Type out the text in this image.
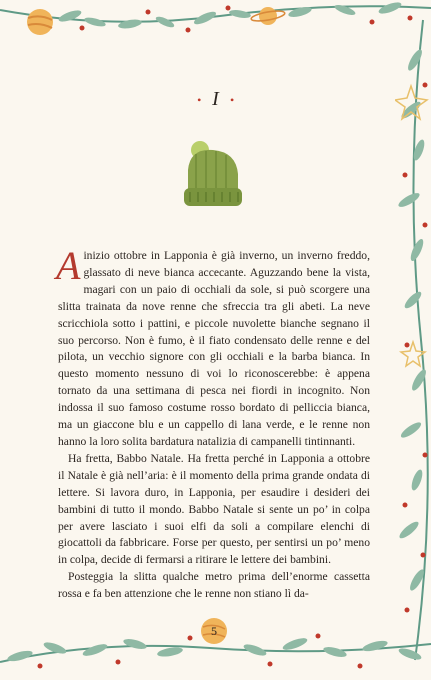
• I •

A inizio ottobre in Lapponia è già inverno, un inverno freddo, glassato di neve bianca accecante. Aguzzando bene la vista, magari con un paio di occhiali da sole, si può scorgere una slitta trainata da nove renne che sfreccia tra gli abeti. La neve scricchiola sotto i pattini, e piccole nuvolette bianche segnano il suo percorso. Non è fumo, è il fiato condensato delle renne e del pilota, un vecchio signore con gli occhiali e la barba bianca. In questo momento nessuno di voi lo riconoscerebbe: è appena tornato da una settimana di pesca nei fiordi in incognito. Non indossa il suo famoso costume rosso bordato di pelliccia bianca, ma un giaccone blu e un cappello di lana verde, e le renne non hanno la loro solita bardatura natalizia di campanelli tintinnanti.

Ha fretta, Babbo Natale. Ha fretta perché in Lapponia a ottobre il Natale è già nell’aria: è il momento della prima grande ondata di lettere. Si lavora duro, in Lapponia, per esaudire i desideri dei bambini di tutto il mondo. Babbo Natale si sente un po’ in colpa per avere lasciato i suoi elfi da soli a compilare elenchi di giocattoli da fabbricare. Forse per questo, per sentirsi un po’ meno in colpa, decide di fermarsi a ritirare le lettere dei bambini.

Posteggia la slitta qualche metro prima dell’enorme cassetta rossa e fa ben attenzione che le renne non stiano lì da-

5
